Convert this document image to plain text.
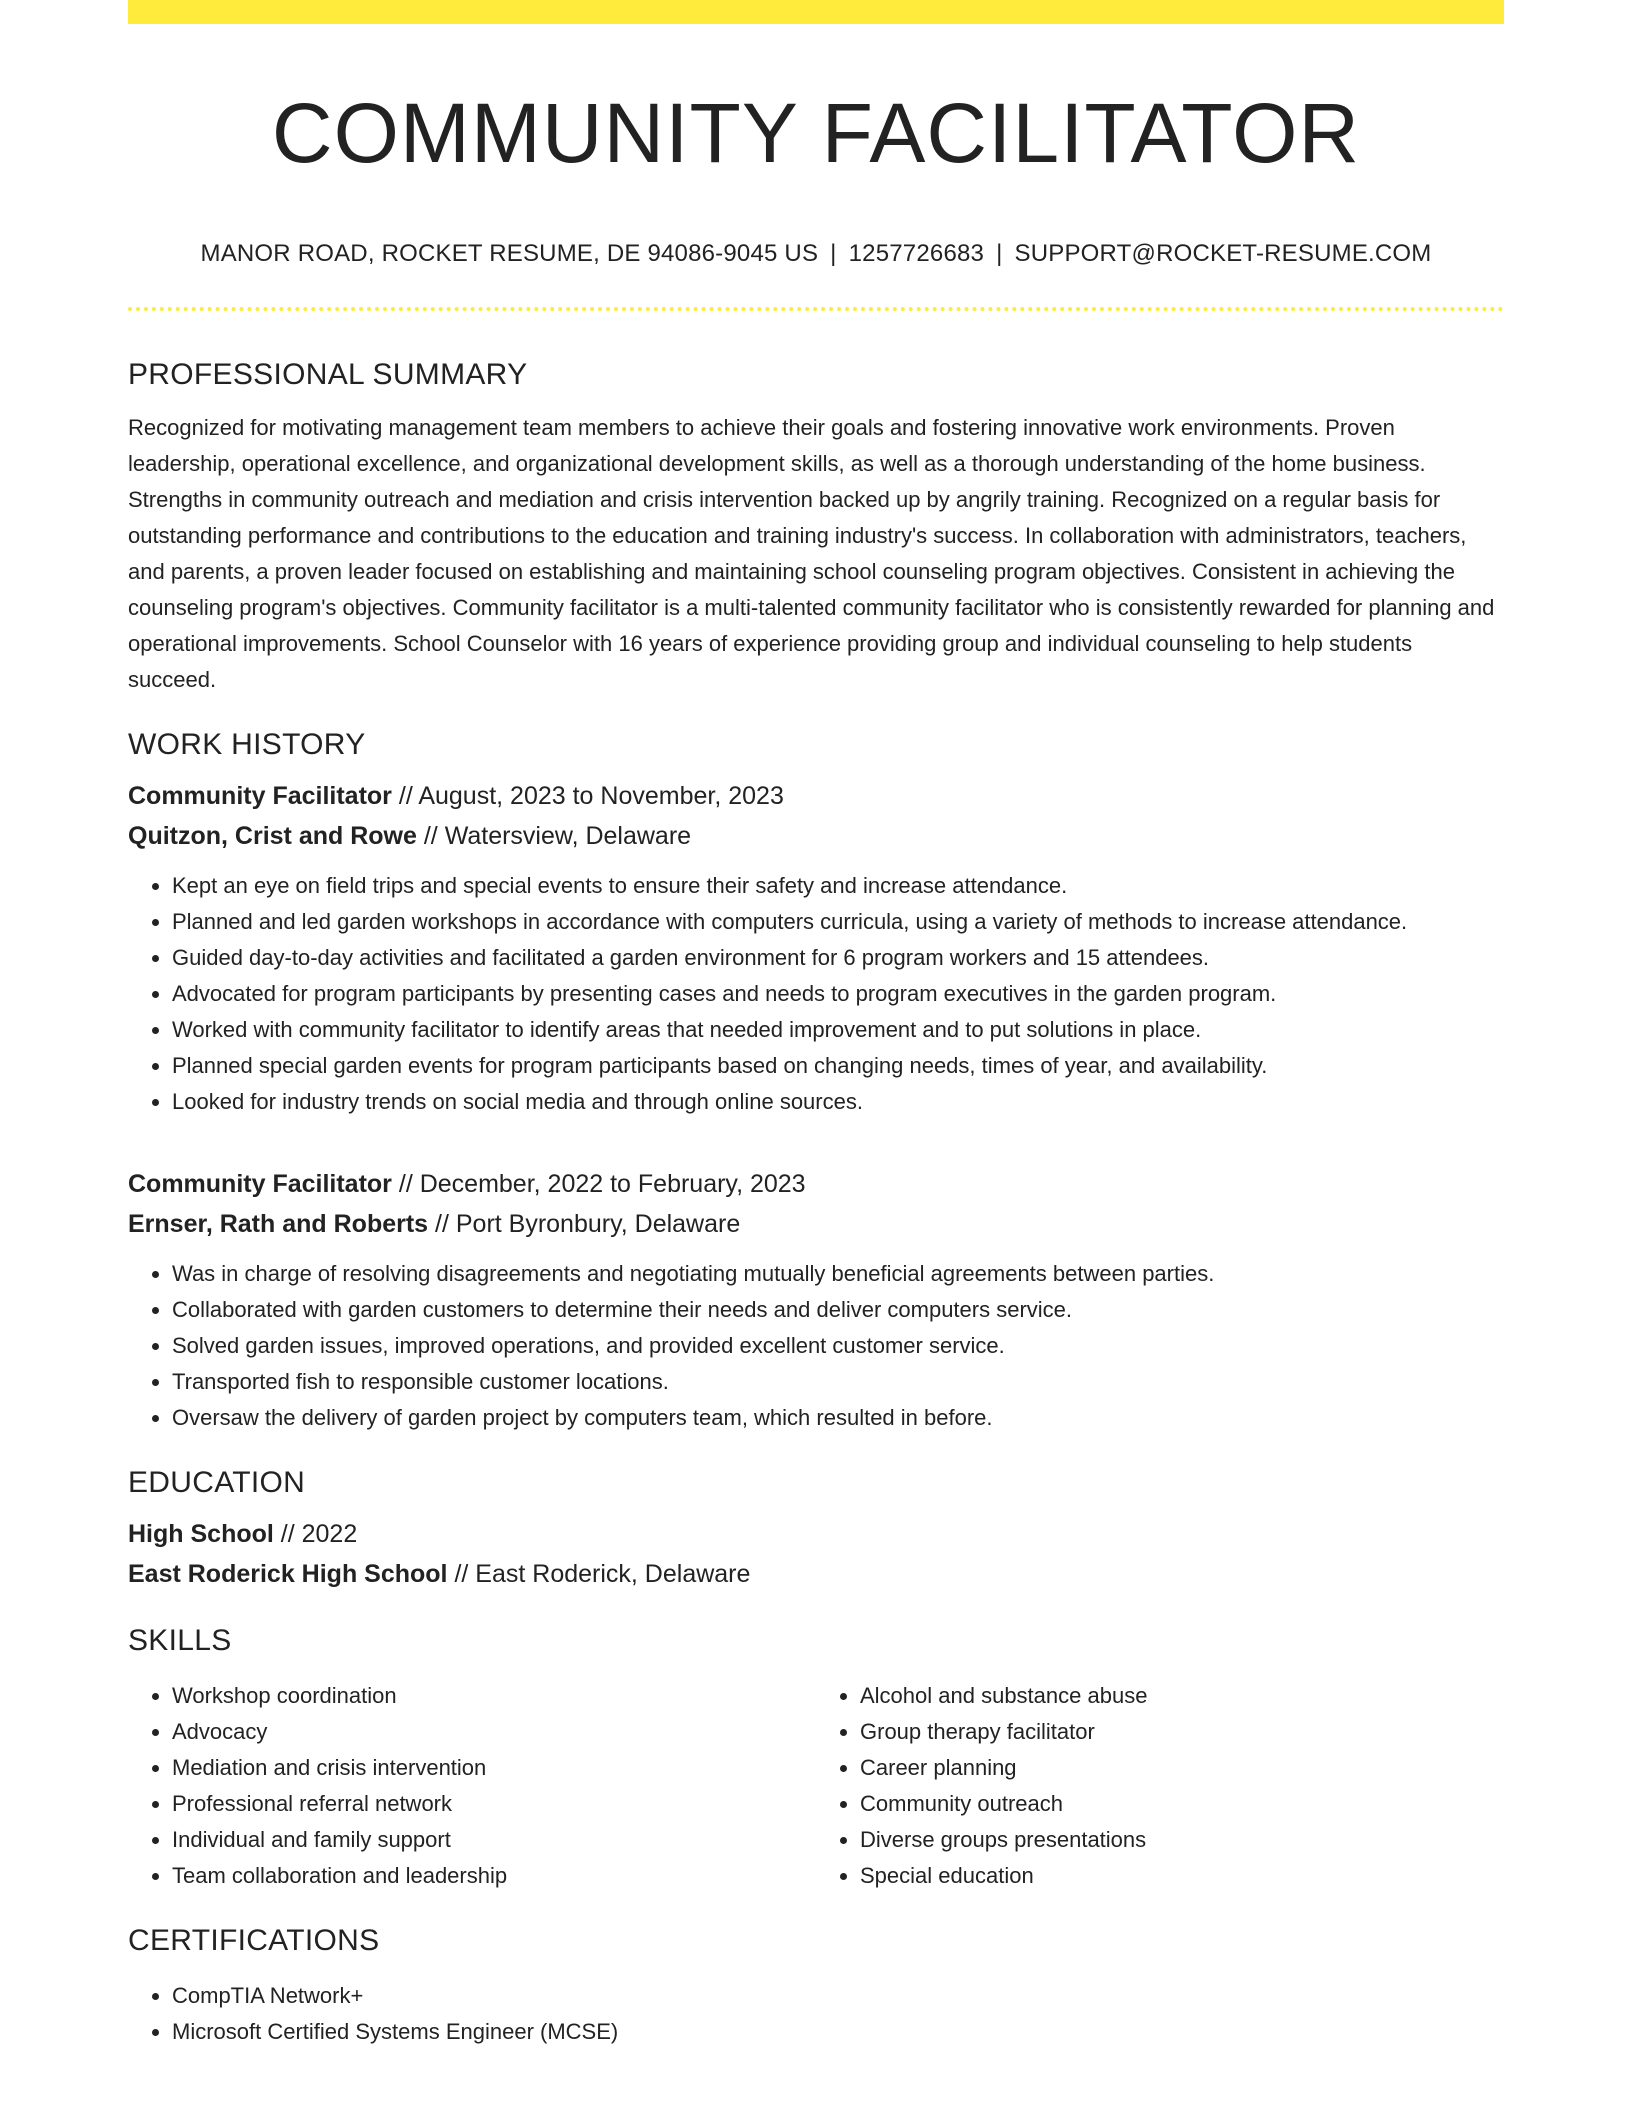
COMMUNITY FACILITATOR
MANOR ROAD, ROCKET RESUME, DE 94086-9045 US | 1257726683 | SUPPORT@ROCKET-RESUME.COM
PROFESSIONAL SUMMARY
Recognized for motivating management team members to achieve their goals and fostering innovative work environments. Proven leadership, operational excellence, and organizational development skills, as well as a thorough understanding of the home business. Strengths in community outreach and mediation and crisis intervention backed up by angrily training. Recognized on a regular basis for outstanding performance and contributions to the education and training industry's success. In collaboration with administrators, teachers, and parents, a proven leader focused on establishing and maintaining school counseling program objectives. Consistent in achieving the counseling program's objectives. Community facilitator is a multi-talented community facilitator who is consistently rewarded for planning and operational improvements. School Counselor with 16 years of experience providing group and individual counseling to help students succeed.
WORK HISTORY
Community Facilitator // August, 2023 to November, 2023
Quitzon, Crist and Rowe // Watersview, Delaware
• Kept an eye on field trips and special events to ensure their safety and increase attendance.
• Planned and led garden workshops in accordance with computers curricula, using a variety of methods to increase attendance.
• Guided day-to-day activities and facilitated a garden environment for 6 program workers and 15 attendees.
• Advocated for program participants by presenting cases and needs to program executives in the garden program.
• Worked with community facilitator to identify areas that needed improvement and to put solutions in place.
• Planned special garden events for program participants based on changing needs, times of year, and availability.
• Looked for industry trends on social media and through online sources.
Community Facilitator // December, 2022 to February, 2023
Ernser, Rath and Roberts // Port Byronbury, Delaware
• Was in charge of resolving disagreements and negotiating mutually beneficial agreements between parties.
• Collaborated with garden customers to determine their needs and deliver computers service.
• Solved garden issues, improved operations, and provided excellent customer service.
• Transported fish to responsible customer locations.
• Oversaw the delivery of garden project by computers team, which resulted in before.
EDUCATION
High School // 2022
East Roderick High School // East Roderick, Delaware
SKILLS
• Workshop coordination
• Advocacy
• Mediation and crisis intervention
• Professional referral network
• Individual and family support
• Team collaboration and leadership
• Alcohol and substance abuse
• Group therapy facilitator
• Career planning
• Community outreach
• Diverse groups presentations
• Special education
CERTIFICATIONS
• CompTIA Network+
• Microsoft Certified Systems Engineer (MCSE)
